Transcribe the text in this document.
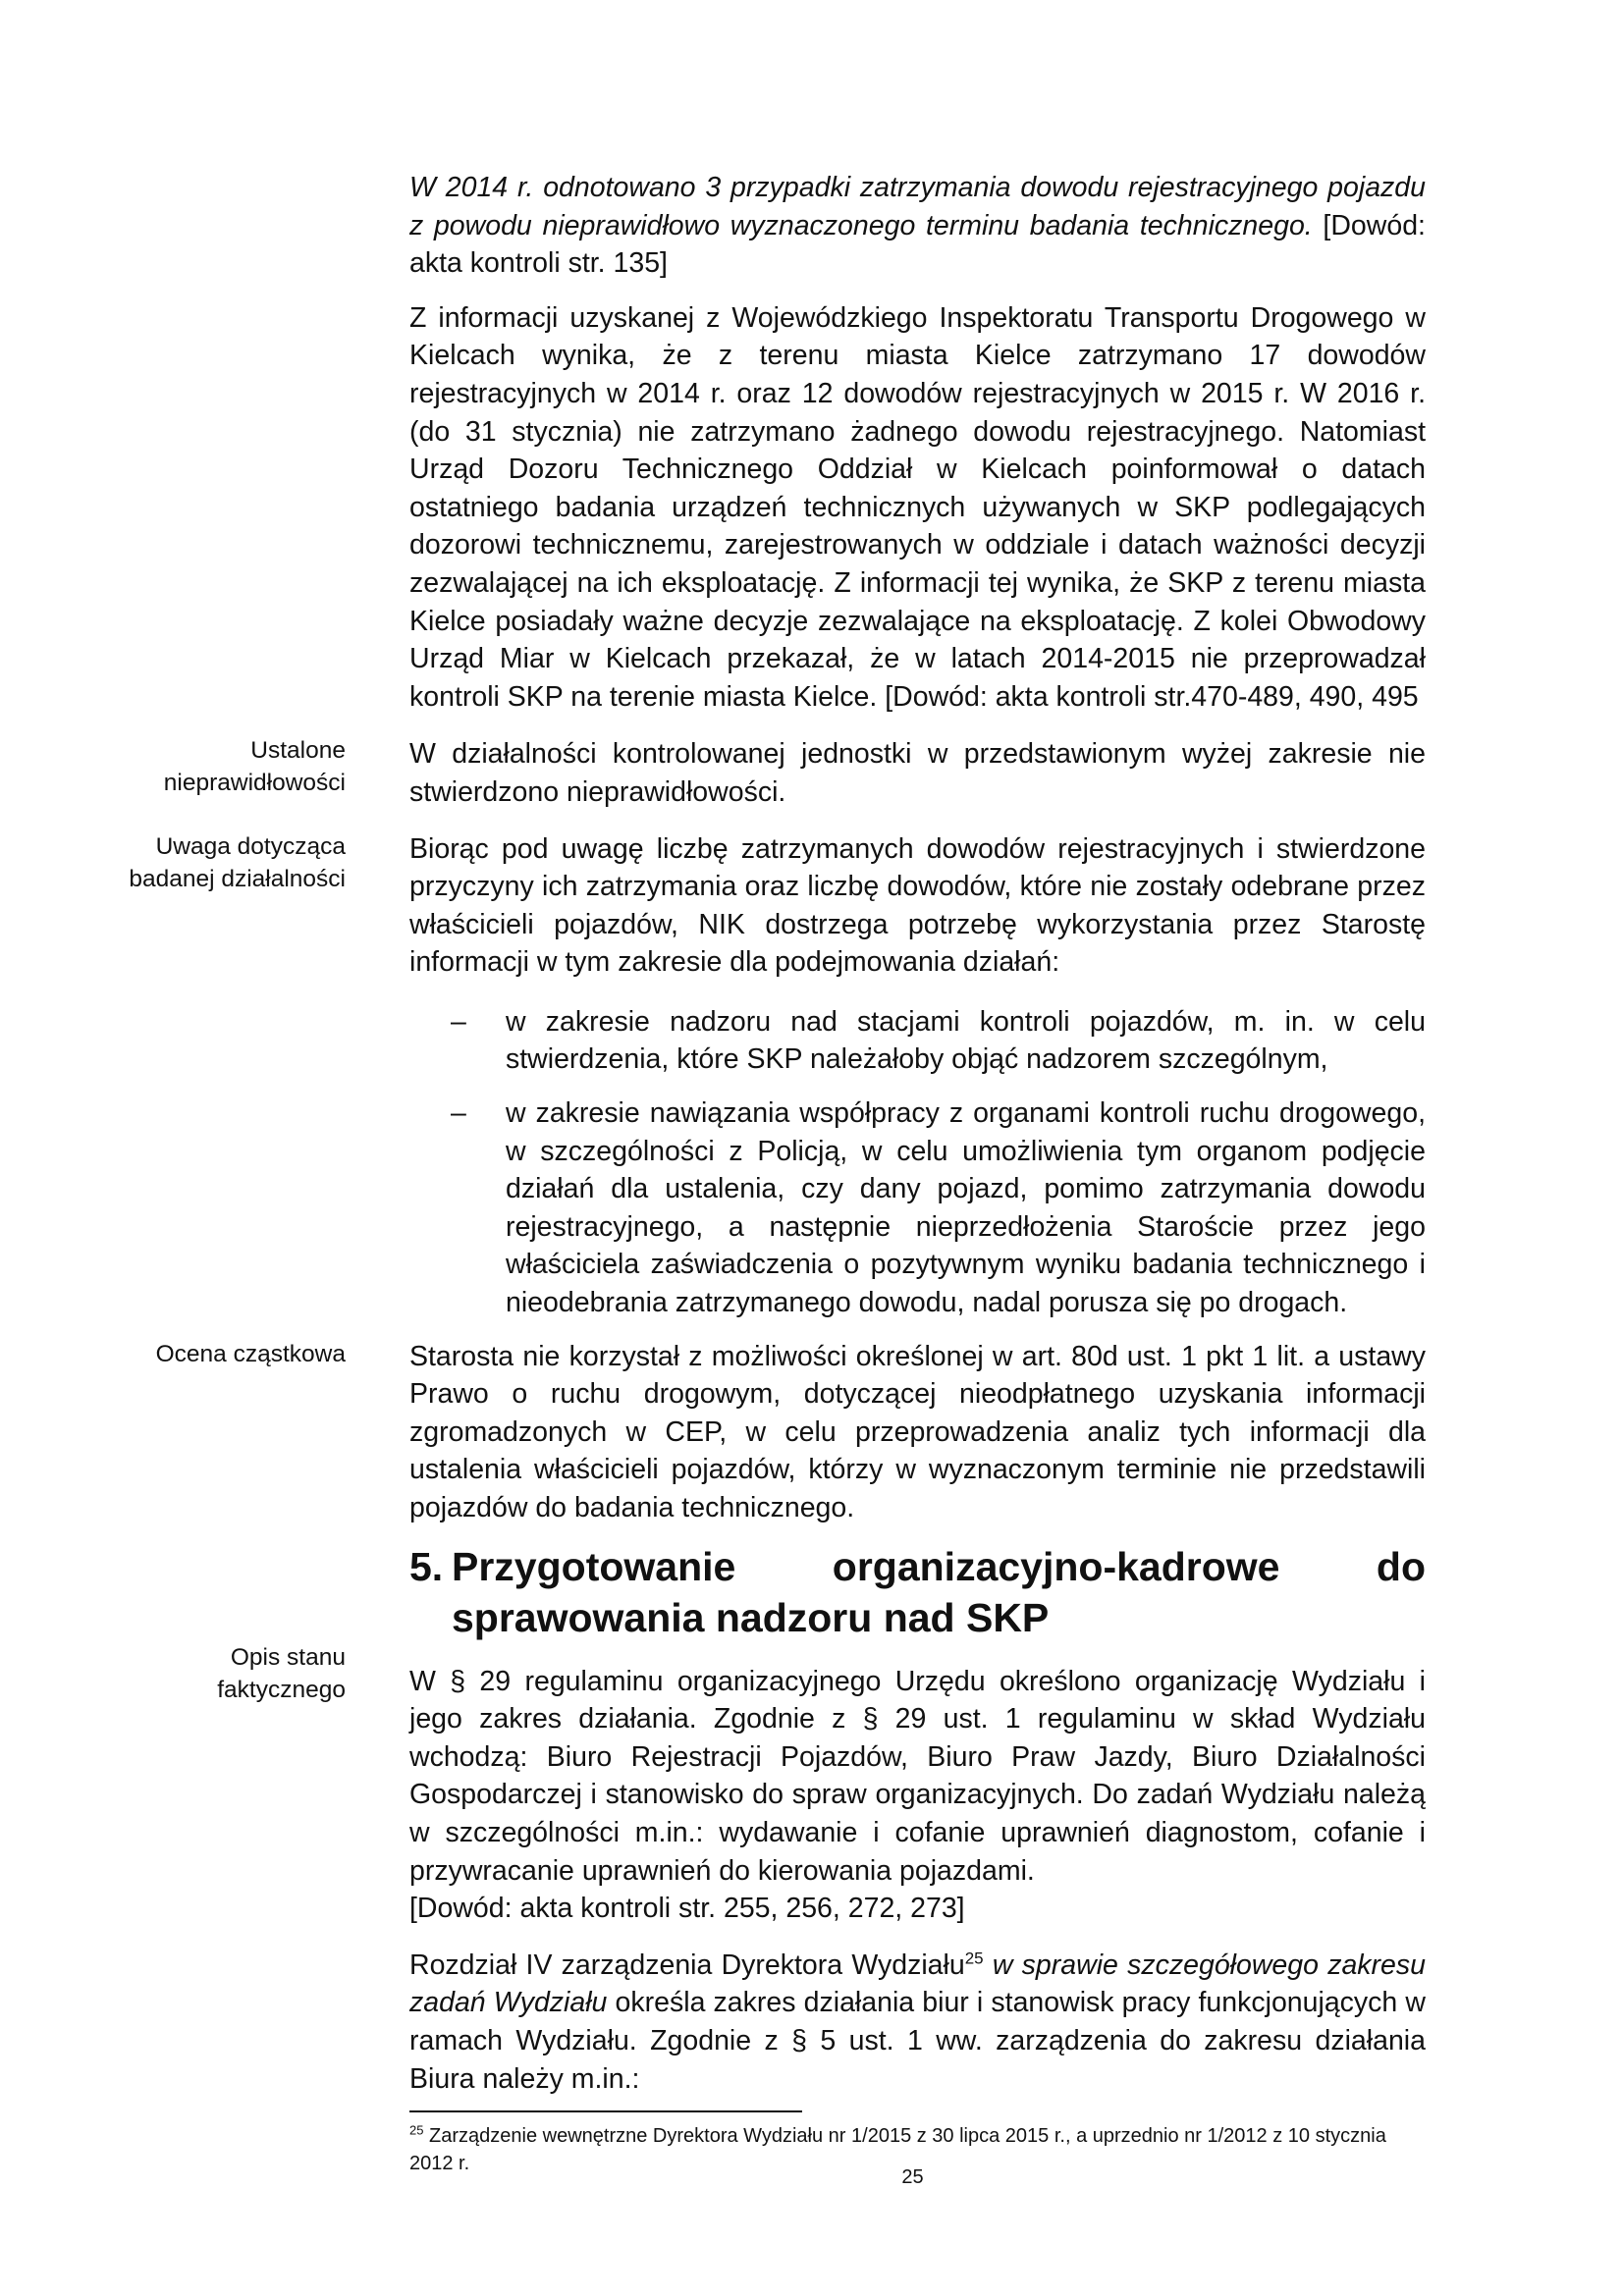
Ustalone
nieprawidłowości
Uwaga dotycząca
badanej działalności
Ocena cząstkowa
Opis stanu
faktycznego

W 2014 r. odnotowano 3 przypadki zatrzymania dowodu rejestracyjnego pojazdu z powodu nieprawidłowo wyznaczonego terminu badania technicznego. [Dowód: akta kontroli str. 135]

Z informacji uzyskanej z Wojewódzkiego Inspektoratu Transportu Drogowego w Kielcach wynika, że z terenu miasta Kielce zatrzymano 17 dowodów rejestracyjnych w 2014 r. oraz 12 dowodów rejestracyjnych w 2015 r. W 2016 r. (do 31 stycznia) nie zatrzymano żadnego dowodu rejestracyjnego. Natomiast Urząd Dozoru Technicznego Oddział w Kielcach poinformował o datach ostatniego badania urządzeń technicznych używanych w SKP podlegających dozorowi technicznemu, zarejestrowanych w oddziale i datach ważności decyzji zezwalającej na ich eksploatację. Z informacji tej wynika, że SKP z terenu miasta Kielce posiadały ważne decyzje zezwalające na eksploatację. Z kolei Obwodowy Urząd Miar w Kielcach przekazał, że w latach 2014-2015 nie przeprowadzał kontroli SKP na terenie miasta Kielce. [Dowód: akta kontroli str.470-489, 490, 495

W działalności kontrolowanej jednostki w przedstawionym wyżej zakresie nie stwierdzono nieprawidłowości.

Biorąc pod uwagę liczbę zatrzymanych dowodów rejestracyjnych i stwierdzone przyczyny ich zatrzymania oraz liczbę dowodów, które nie zostały odebrane przez właścicieli pojazdów, NIK dostrzega potrzebę wykorzystania przez Starostę informacji w tym zakresie dla podejmowania działań:

– w zakresie nadzoru nad stacjami kontroli pojazdów, m. in. w celu stwierdzenia, które SKP należałoby objąć nadzorem szczególnym,
– w zakresie nawiązania współpracy z organami kontroli ruchu drogowego, w szczególności z Policją, w celu umożliwienia tym organom podjęcie działań dla ustalenia, czy dany pojazd, pomimo zatrzymania dowodu rejestracyjnego, a następnie nieprzedłożenia Staroście przez jego właściciela zaświadczenia o pozytywnym wyniku badania technicznego i nieodebrania zatrzymanego dowodu, nadal porusza się po drogach.

Starosta nie korzystał z możliwości określonej w art. 80d ust. 1 pkt 1 lit. a ustawy Prawo o ruchu drogowym, dotyczącej nieodpłatnego uzyskania informacji zgromadzonych w CEP, w celu przeprowadzenia analiz tych informacji dla ustalenia właścicieli pojazdów, którzy w wyznaczonym terminie nie przedstawili pojazdów do badania technicznego.

5. Przygotowanie organizacyjno-kadrowe do sprawowania nadzoru nad SKP

W § 29 regulaminu organizacyjnego Urzędu określono organizację Wydziału i jego zakres działania. Zgodnie z § 29 ust. 1 regulaminu w skład Wydziału wchodzą: Biuro Rejestracji Pojazdów, Biuro Praw Jazdy, Biuro Działalności Gospodarczej i stanowisko do spraw organizacyjnych. Do zadań Wydziału należą w szczególności m.in.: wydawanie i cofanie uprawnień diagnostom, cofanie i przywracanie uprawnień do kierowania pojazdami.

[Dowód: akta kontroli str. 255, 256, 272, 273]

Rozdział IV zarządzenia Dyrektora Wydziału$^{25}$ w sprawie szczegółowego zakresu zadań Wydziału określa zakres działania biur i stanowisk pracy funkcjonujących w ramach Wydziału. Zgodnie z § 5 ust. 1 ww. zarządzenia do zakresu działania Biura należy m.in.:

$^{25}$ Zarządzenie wewnętrzne Dyrektora Wydziału nr 1/2015 z 30 lipca 2015 r., a uprzednio nr 1/2012 z 10 stycznia 2012 r.
25
